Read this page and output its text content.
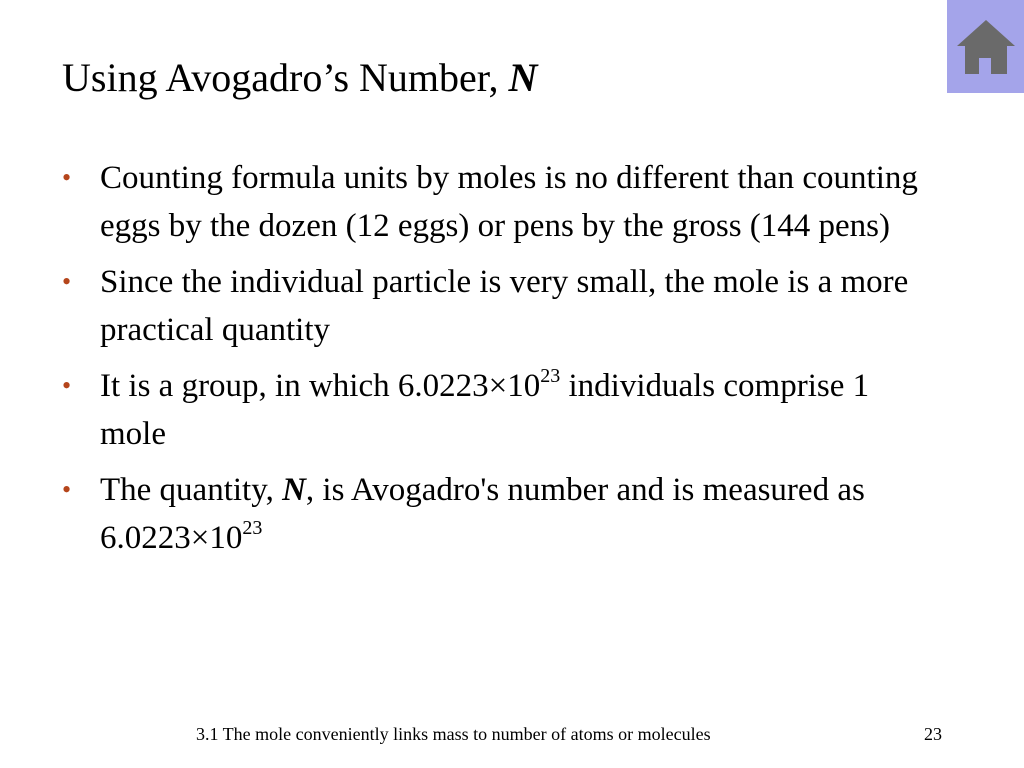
Using Avogadro’s Number, N
• Counting formula units by moles is no different than counting eggs by the dozen (12 eggs) or pens by the gross (144 pens)
• Since the individual particle is very small, the mole is a more practical quantity
• It is a group, in which $6.0223\times 10^{23}$ individuals comprise 1 mole
• The quantity, N, is Avogadro's number and is measured as $6.0223\times 10^{23}$
3.1 The mole conveniently links mass to number of atoms or molecules	23
